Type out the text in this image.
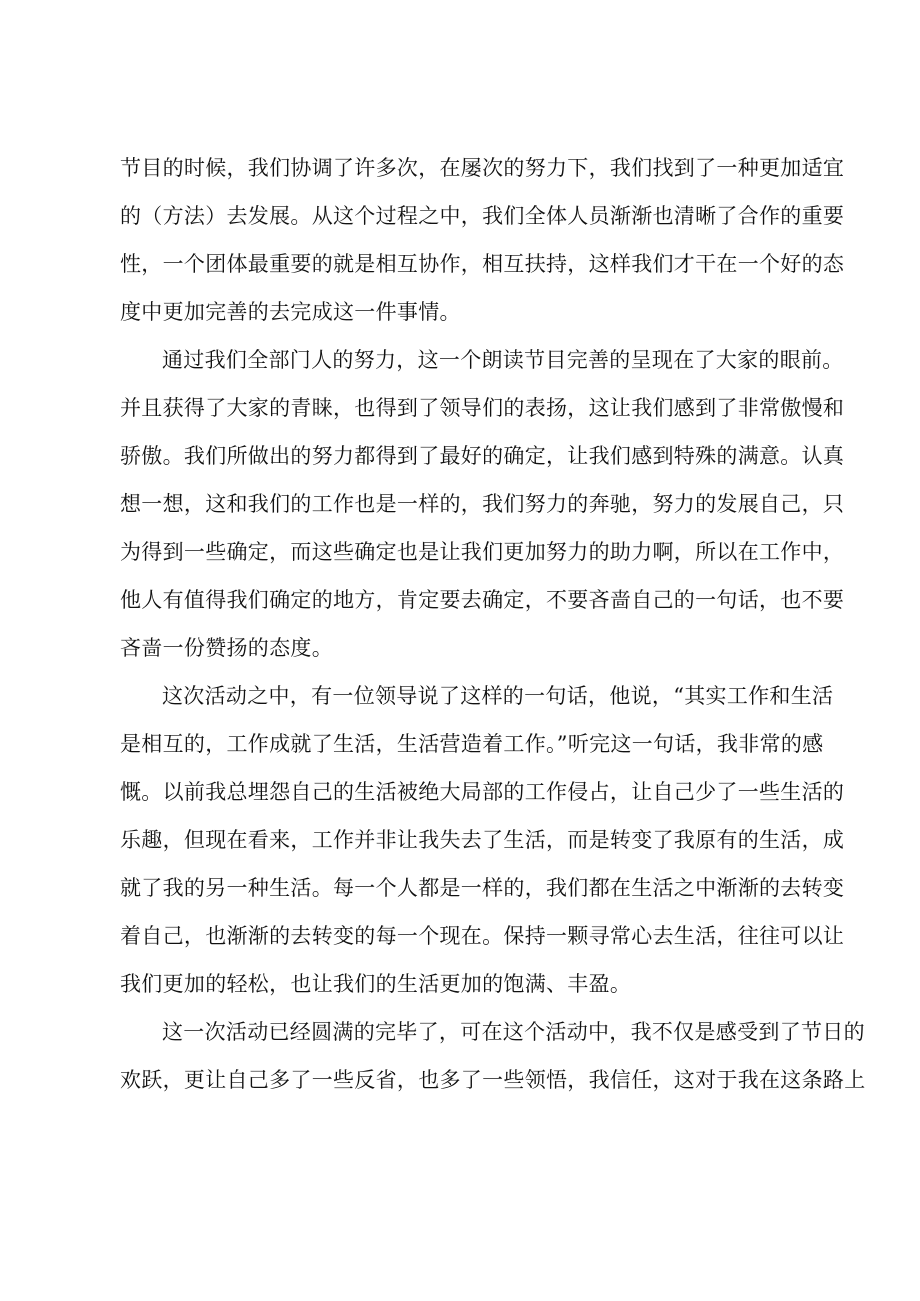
节目的时候，我们协调了许多次，在屡次的努力下，我们找到了一种更加适宜
的（方法）去发展。从这个过程之中，我们全体人员渐渐也清晰了合作的重要
性，一个团体最重要的就是相互协作，相互扶持，这样我们才干在一个好的态
度中更加完善的去完成这一件事情。
通过我们全部门人的努力，这一个朗读节目完善的呈现在了大家的眼前。
并且获得了大家的青睐，也得到了领导们的表扬，这让我们感到了非常傲慢和
骄傲。我们所做出的努力都得到了最好的确定，让我们感到特殊的满意。认真
想一想，这和我们的工作也是一样的，我们努力的奔驰，努力的发展自己，只
为得到一些确定，而这些确定也是让我们更加努力的助力啊，所以在工作中，
他人有值得我们确定的地方，肯定要去确定，不要吝啬自己的一句话，也不要
吝啬一份赞扬的态度。
这次活动之中，有一位领导说了这样的一句话，他说，“其实工作和生活
是相互的，工作成就了生活，生活营造着工作。”听完这一句话，我非常的感
慨。以前我总埋怨自己的生活被绝大局部的工作侵占，让自己少了一些生活的
乐趣，但现在看来，工作并非让我失去了生活，而是转变了我原有的生活，成
就了我的另一种生活。每一个人都是一样的，我们都在生活之中渐渐的去转变
着自己，也渐渐的去转变的每一个现在。保持一颗寻常心去生活，往往可以让
我们更加的轻松，也让我们的生活更加的饱满、丰盈。
这一次活动已经圆满的完毕了，可在这个活动中，我不仅是感受到了节日的
欢跃，更让自己多了一些反省，也多了一些领悟，我信任，这对于我在这条路上
